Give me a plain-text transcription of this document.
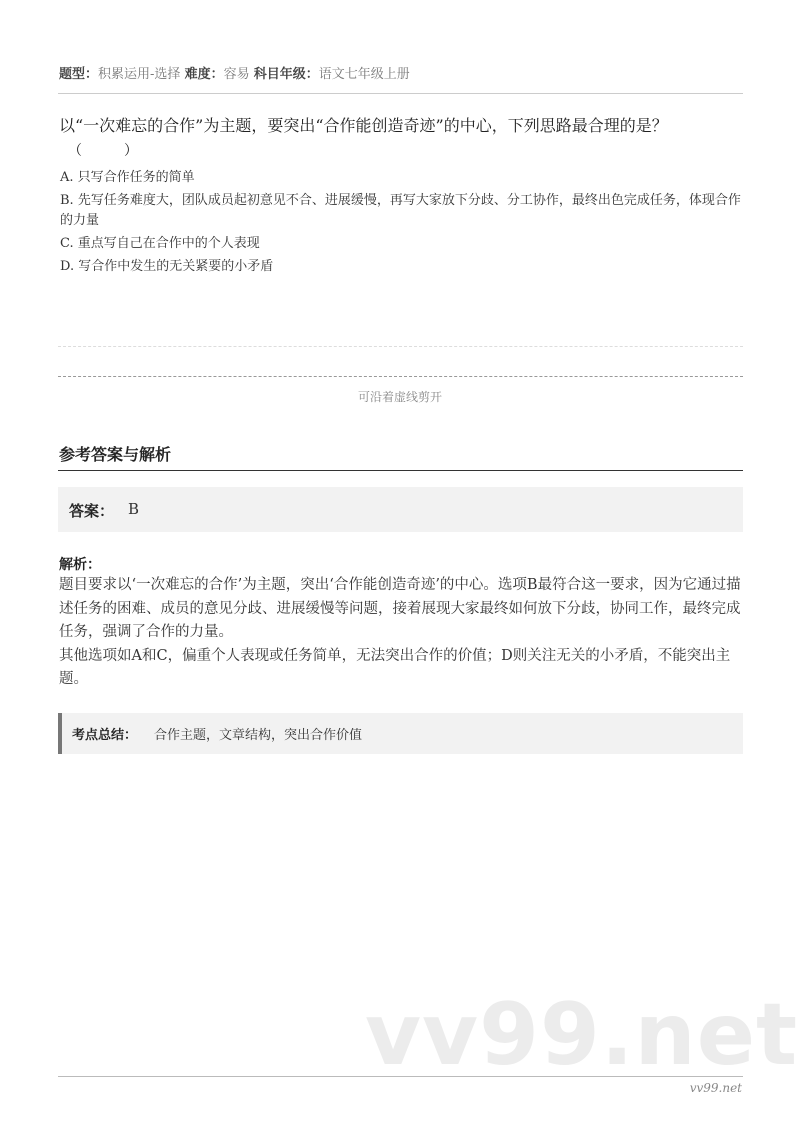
题型：积累运用-选择 难度：容易 科目年级：语文七年级上册
以“一次难忘的合作”为主题，要突出“合作能创造奇迹”的中心，下列思路最合理的是？
（　　　）
A. 只写合作任务的简单
B. 先写任务难度大，团队成员起初意见不合、进展缓慢，再写大家放下分歧、分工协作，最终出色完成任务，体现合作的力量
C. 重点写自己在合作中的个人表现
D. 写合作中发生的无关紧要的小矛盾
可沿着虚线剪开
参考答案与解析
答案： B
解析：

题目要求以‘一次难忘的合作’为主题，突出‘合作能创造奇迹’的中心。选项B最符合这一要求，因为它通过描述任务的困难、成员的意见分歧、进展缓慢等问题，接着展现大家最终如何放下分歧，协同工作，最终完成任务，强调了合作的力量。

其他选项如A和C，偏重个人表现或任务简单，无法突出合作的价值；D则关注无关的小矛盾，不能突出主题。

考点总结： 合作主题，文章结构，突出合作价值
vv99.net
vv99.net
